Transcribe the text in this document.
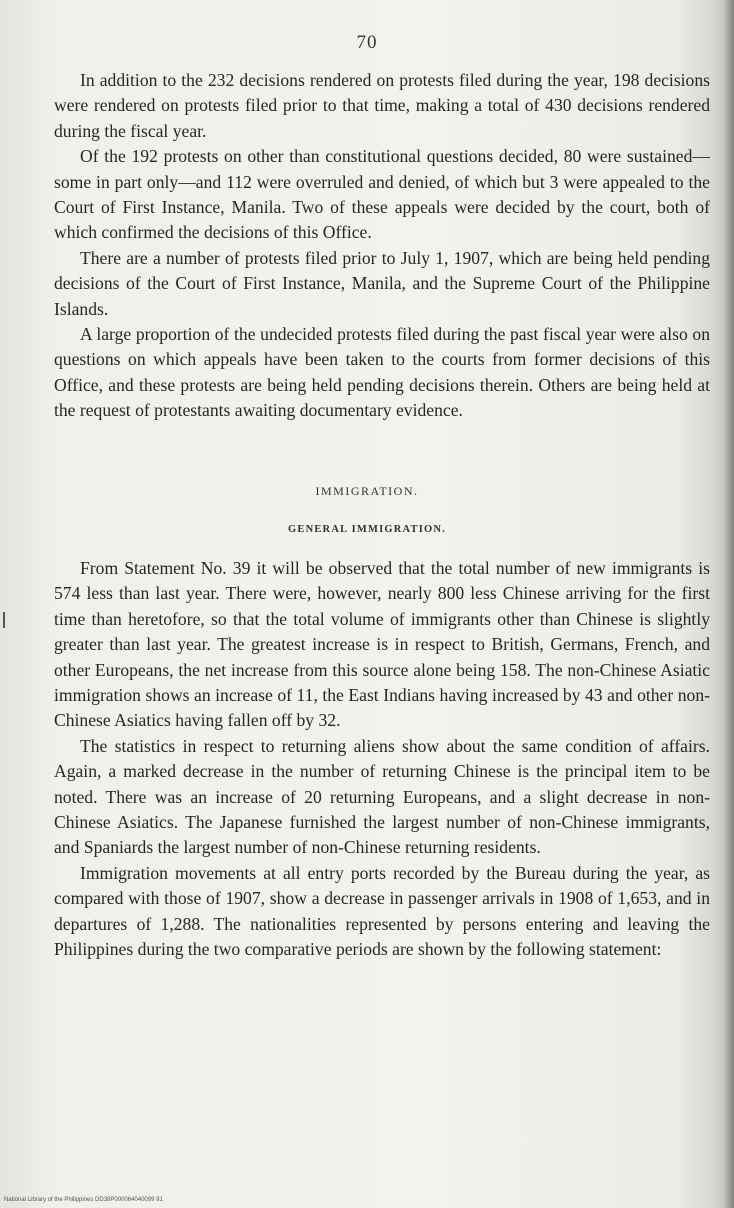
70

In addition to the 232 decisions rendered on protests filed during the year, 198 decisions were rendered on protests filed prior to that time, making a total of 430 decisions rendered during the fiscal year.

Of the 192 protests on other than constitutional questions decided, 80 were sustained—some in part only—and 112 were overruled and denied, of which but 3 were appealed to the Court of First Instance, Manila. Two of these appeals were decided by the court, both of which confirmed the decisions of this Office.

There are a number of protests filed prior to July 1, 1907, which are being held pending decisions of the Court of First Instance, Manila, and the Supreme Court of the Philippine Islands.

A large proportion of the undecided protests filed during the past fiscal year were also on questions on which appeals have been taken to the courts from former decisions of this Office, and these protests are being held pending decisions therein. Others are being held at the request of protestants awaiting documentary evidence.

IMMIGRATION.
GENERAL IMMIGRATION.

From Statement No. 39 it will be observed that the total number of new immigrants is 574 less than last year. There were, however, nearly 800 less Chinese arriving for the first time than heretofore, so that the total volume of immigrants other than Chinese is slightly greater than last year. The greatest increase is in respect to British, Germans, French, and other Europeans, the net increase from this source alone being 158. The non-Chinese Asiatic immigration shows an increase of 11, the East Indians having increased by 43 and other non-Chinese Asiatics having fallen off by 32.

The statistics in respect to returning aliens show about the same condition of affairs. Again, a marked decrease in the number of returning Chinese is the principal item to be noted. There was an increase of 20 returning Europeans, and a slight decrease in non-Chinese Asiatics. The Japanese furnished the largest number of non-Chinese immigrants, and Spaniards the largest number of non-Chinese returning residents.

Immigration movements at all entry ports recorded by the Bureau during the year, as compared with those of 1907, show a decrease in passenger arrivals in 1908 of 1,653, and in departures of 1,288. The nationalities represented by persons entering and leaving the Philippines during the two comparative periods are shown by the following statement:

National Library of the Philippines DD38P000064040099 91
